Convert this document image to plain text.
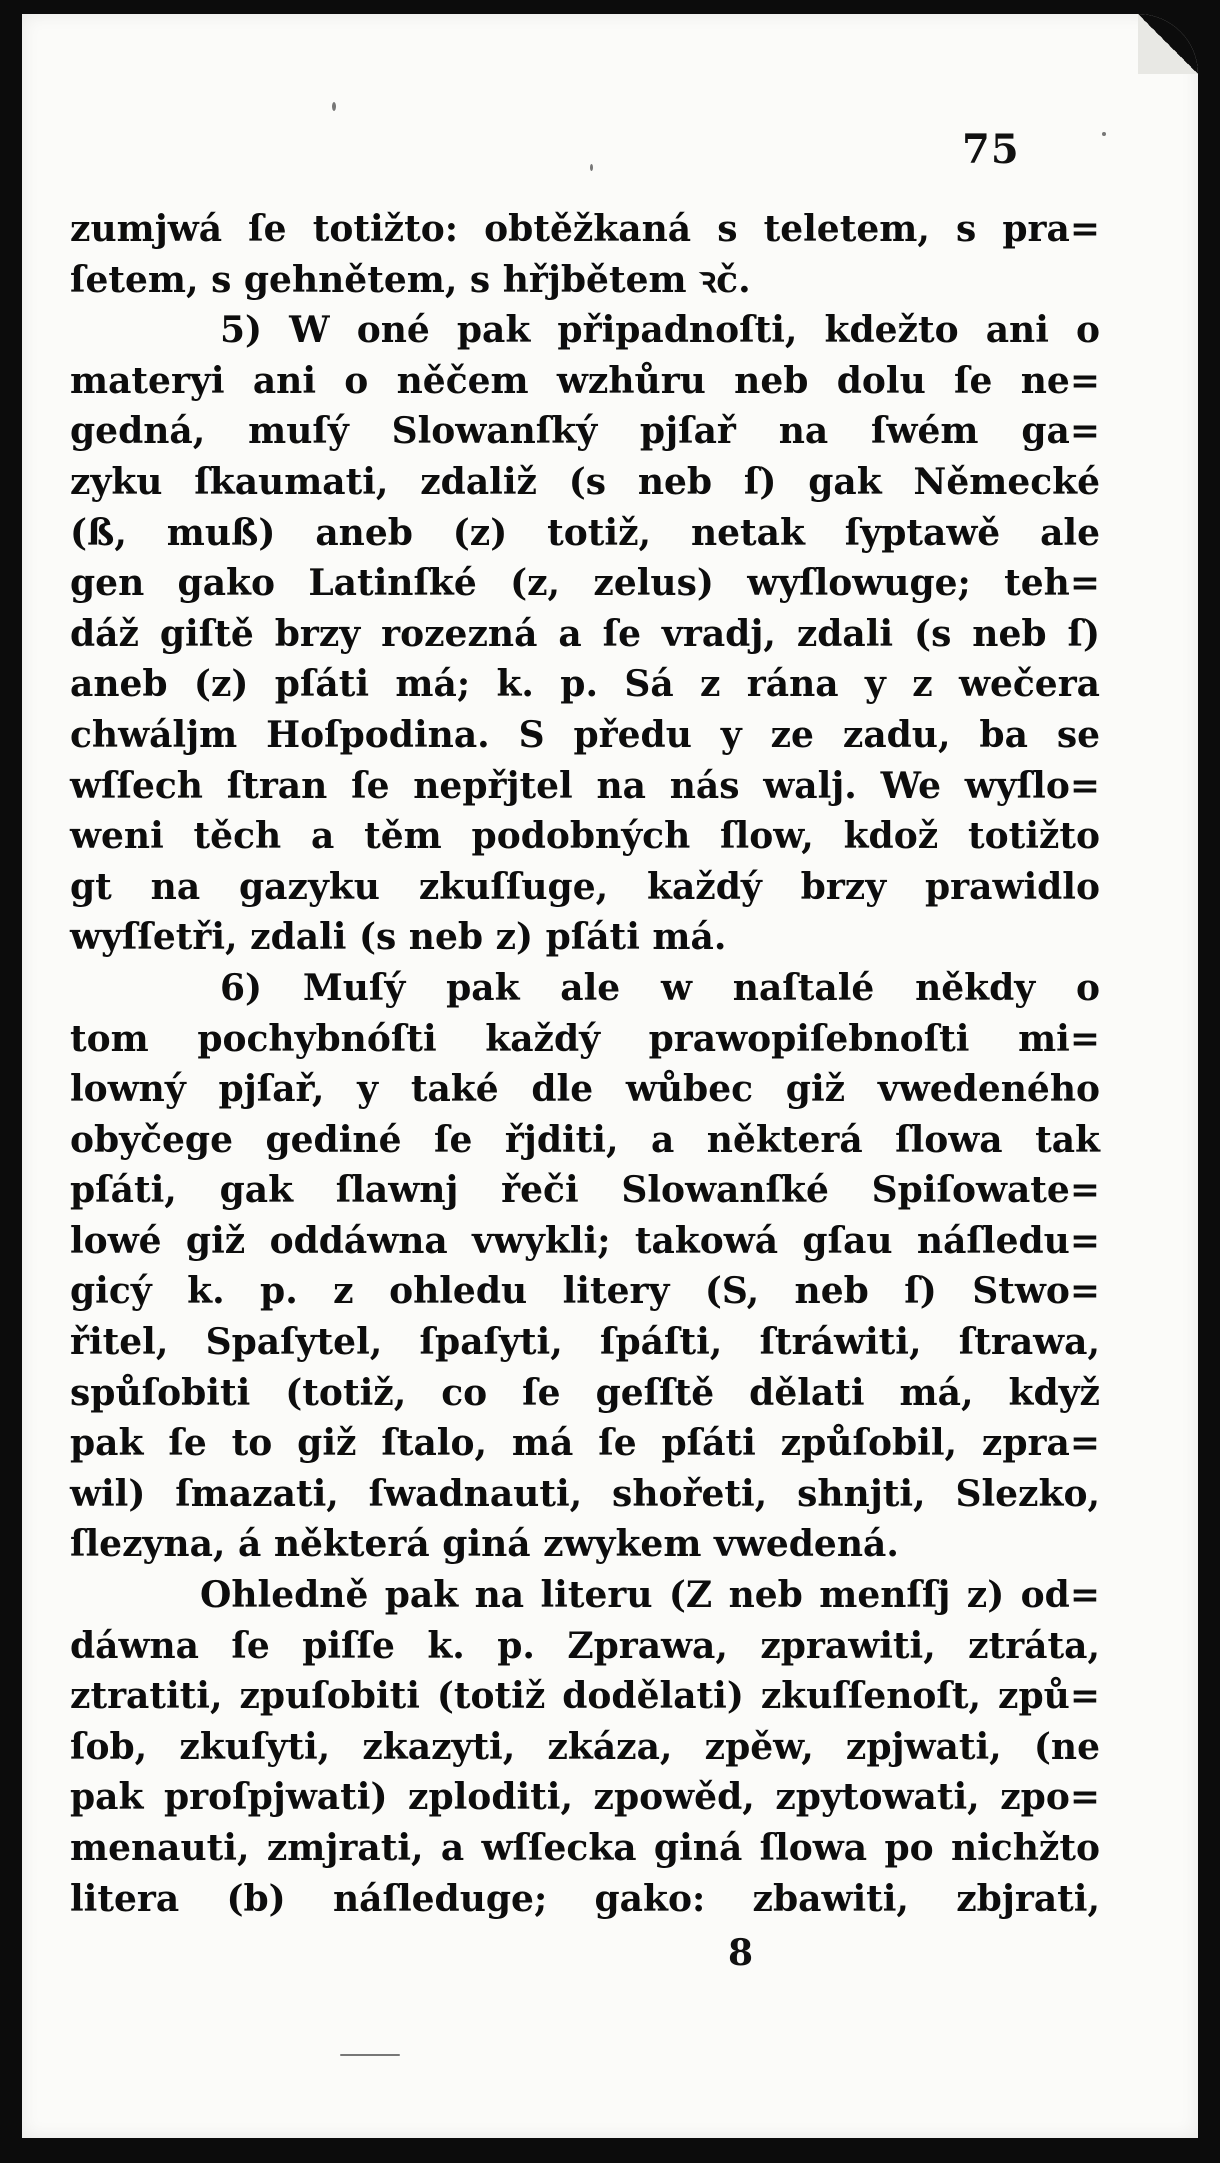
75
zumjwá ſe totižto: obtěžkaná s teletem, s pra=
ſetem, s gehnětem, s hřjbětem ꝛč.
5) W oné pak připadnoſti, kdežto ani o
materyi ani o něčem wzhůru neb dolu ſe ne=
gedná, muſý Slowanſký pjſař na ſwém ga=
zyku ſkaumati, zdaliž (s neb ſ) gak Německé
(ß, muß) aneb (z) totiž, netak ſyptawě ale
gen gako Latinſké (z, zelus) wyſlowuge; teh=
dáž giſtě brzy rozezná a ſe vradj, zdali (s neb ſ)
aneb (z) pſáti má; k. p. Sá z rána y z wečera
chwáljm Hoſpodina. S předu y ze zadu, ba se
wſſech ſtran ſe nepřjtel na nás walj. We wyſlo=
weni těch a těm podobných ſlow, kdož totižto
gt na gazyku zkuſſuge, každý brzy prawidlo
wyſſetři, zdali (s neb z) pſáti má.
6) Muſý pak ale w naſtalé někdy o
tom pochybnóſti každý prawopiſebnoſti mi=
lowný pjſař, y také dle wůbec giž vwedeného
obyčege gediné ſe řjditi, a některá ſlowa tak
pſáti, gak ſlawnj řeči Slowanſké Spiſowate=
lowé giž oddáwna vwykli; takowá gſau náſledu=
gicý k. p. z ohledu litery (S, neb ſ) Stwo=
řitel, Spaſytel, ſpaſyti, ſpáſti, ſtráwiti, ſtrawa,
spůſobiti (totiž, co ſe geſſtě dělati má, když
pak ſe to giž ſtalo, má ſe pſáti způſobil, zpra=
wil) ſmazati, ſwadnauti, shořeti, shnjti, Slezko,
ſlezyna, á některá giná zwykem vwedená.
Ohledně pak na literu (Z neb menſſj z) od=
dáwna ſe piſſe k. p. Zprawa, zprawiti, ztráta,
ztratiti, zpuſobiti (totiž dodělati) zkuſſenoſt, způ=
ſob, zkuſyti, zkazyti, zkáza, zpěw, zpjwati, (ne
pak proſpjwati) zploditi, zpowěd, zpytowati, zpo=
menauti, zmjrati, a wſſecka giná ſlowa po nichžto
litera (b) náſleduge; gako: zbawiti, zbjrati,
8
